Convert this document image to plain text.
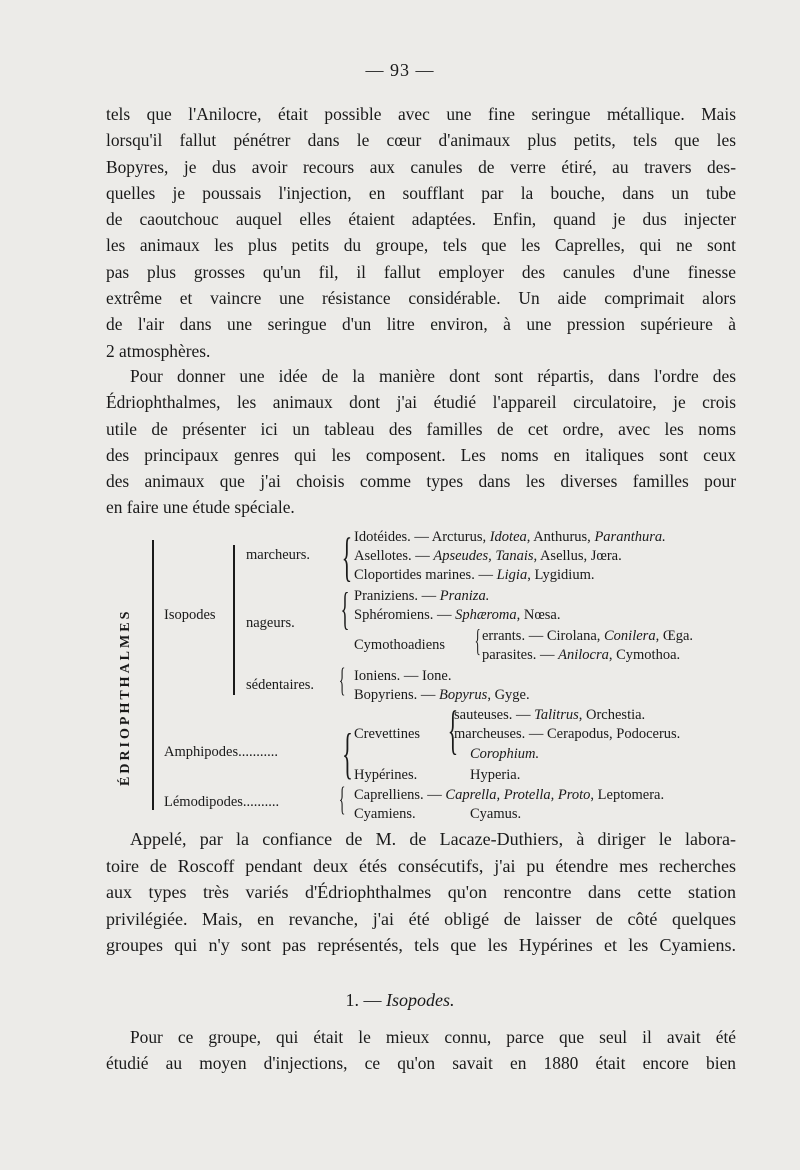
— 93 —
tels que l'Anilocre, était possible avec une fine seringue métallique. Mais
lorsqu'il fallut pénétrer dans le cœur d'animaux plus petits, tels que les
Bopyres, je dus avoir recours aux canules de verre étiré, au travers des-
quelles je poussais l'injection, en soufflant par la bouche, dans un tube
de caoutchouc auquel elles étaient adaptées. Enfin, quand je dus injecter
les animaux les plus petits du groupe, tels que les Caprelles, qui ne sont
pas plus grosses qu'un fil, il fallut employer des canules d'une finesse
extrême et vaincre une résistance considérable. Un aide comprimait alors
de l'air dans une seringue d'un litre environ, à une pression supérieure à
2 atmosphères.
Pour donner une idée de la manière dont sont répartis, dans l'ordre des
Édriophthalmes, les animaux dont j'ai étudié l'appareil circulatoire, je crois
utile de présenter ici un tableau des familles de cet ordre, avec les noms
des principaux genres qui les composent. Les noms en italiques sont ceux
des animaux que j'ai choisis comme types dans les diverses familles pour
en faire une étude spéciale.
ÉDRIOPHTHALMES Isopodes
marcheurs.
nageurs.
sédentaires.
Amphipodes...........
Lémodipodes..........
{
{
{
{
{
{
{
Idotéides. — Arcturus, Idotea, Anthurus, Paranthura.
Asellotes. — Apseudes, Tanais, Asellus, Jœra.
Cloportides marines. — Ligia, Lygidium.
Praniziens. — Praniza.
Sphéromiens. — Sphæroma, Nœsa.
Cymothoadiens
errants. — Cirolana, Conilera, Œga.
parasites. — Anilocra, Cymothoa.
Ioniens. — Ione.
Bopyriens. — Bopyrus, Gyge.
sauteuses. — Talitrus, Orchestia.
Crevettines marcheuses. — Cerapodus, Podocerus.
Corophium.
Hypérines.	Hyperia.
Caprelliens. — Caprella, Protella, Proto, Leptomera.
Cyamiens.	Cyamus.
Appelé, par la confiance de M. de Lacaze-Duthiers, à diriger le labora-
toire de Roscoff pendant deux étés consécutifs, j'ai pu étendre mes recherches
aux types très variés d'Édriophthalmes qu'on rencontre dans cette station
privilégiée. Mais, en revanche, j'ai été obligé de laisser de côté quelques
groupes qui n'y sont pas représentés, tels que les Hypérines et les Cyamiens.
1. — Isopodes.
Pour ce groupe, qui était le mieux connu, parce que seul il avait été
étudié au moyen d'injections, ce qu'on savait en 1880 était encore bien
